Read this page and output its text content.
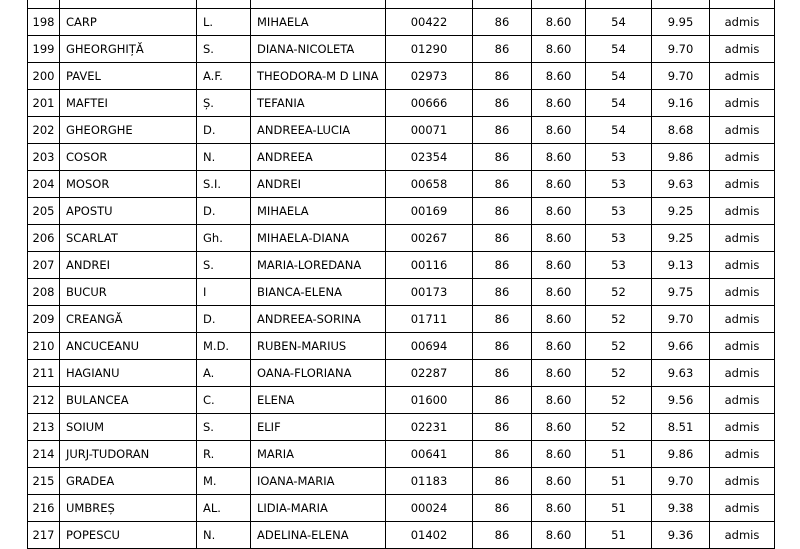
198	CARP	L.	MIHAELA	00422	86	8.60	54	9.95	admis
199	GHEORGHIȚĂ	S.	DIANA-NICOLETA	01290	86	8.60	54	9.70	admis
200	PAVEL	A.F.	THEODORA-M D LINA	02973	86	8.60	54	9.70	admis
201	MAFTEI	Ș.	TEFANIA	00666	86	8.60	54	9.16	admis
202	GHEORGHE	D.	ANDREEA-LUCIA	00071	86	8.60	54	8.68	admis
203	COSOR	N.	ANDREEA	02354	86	8.60	53	9.86	admis
204	MOSOR	S.I.	ANDREI	00658	86	8.60	53	9.63	admis
205	APOSTU	D.	MIHAELA	00169	86	8.60	53	9.25	admis
206	SCARLAT	Gh.	MIHAELA-DIANA	00267	86	8.60	53	9.25	admis
207	ANDREI	S.	MARIA-LOREDANA	00116	86	8.60	53	9.13	admis
208	BUCUR	I	BIANCA-ELENA	00173	86	8.60	52	9.75	admis
209	CREANGĂ	D.	ANDREEA-SORINA	01711	86	8.60	52	9.70	admis
210	ANCUCEANU	M.D.	RUBEN-MARIUS	00694	86	8.60	52	9.66	admis
211	HAGIANU	A.	OANA-FLORIANA	02287	86	8.60	52	9.63	admis
212	BULANCEA	C.	ELENA	01600	86	8.60	52	9.56	admis
213	SOIUM	S.	ELIF	02231	86	8.60	52	8.51	admis
214	JURJ-TUDORAN	R.	MARIA	00641	86	8.60	51	9.86	admis
215	GRADEA	M.	IOANA-MARIA	01183	86	8.60	51	9.70	admis
216	UMBREȘ	AL.	LIDIA-MARIA	00024	86	8.60	51	9.38	admis
217	POPESCU	N.	ADELINA-ELENA	01402	86	8.60	51	9.36	admis
